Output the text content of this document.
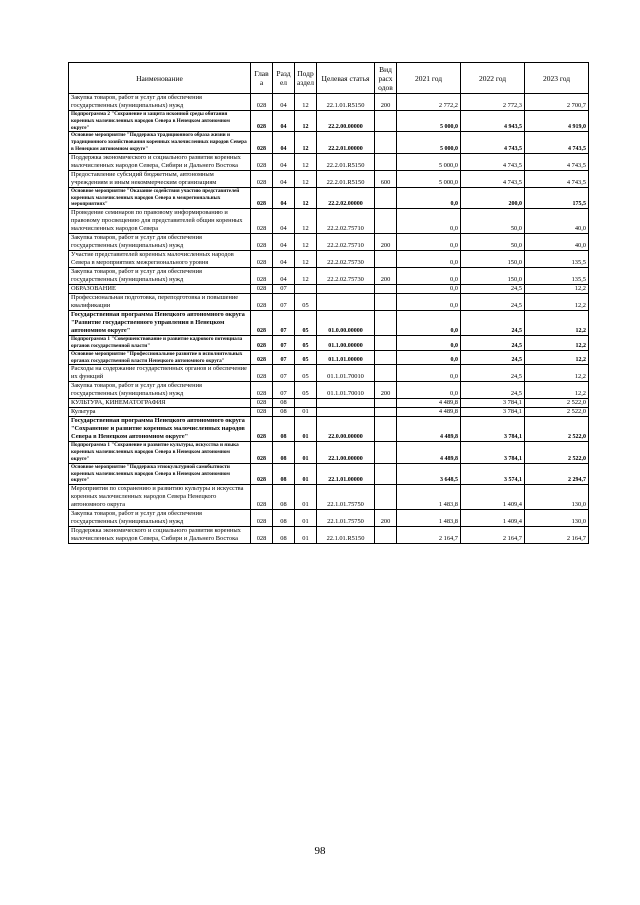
Наименование	Глав а	Разд ел	Подр аздел	Целевая статья	Вид расх одов	2021 год	2022 год	2023 год
Закупка товаров, работ и услуг для обеспечения государственных (муниципальных) нужд	028	04	12	22.1.01.R5150	200	2 772,2	2 772,3	2 700,7
Подпрограмма 2 "Сохранение и защита исконной среды обитания коренных малочисленных народов Севера в Ненецком автономном округе"	028	04	12	22.2.00.00000		5 000,0	4 943,5	4 919,0
Основное мероприятие "Поддержка традиционного образа жизни и традиционного хозяйствования коренных малочисленных народов Севера в Ненецком автономном округе"	028	04	12	22.2.01.00000		5 000,0	4 743,5	4 743,5
Поддержка экономического и социального развития коренных малочисленных народов Севера, Сибири и Дальнего Востока	028	04	12	22.2.01.R5150		5 000,0	4 743,5	4 743,5
Предоставление субсидий бюджетным, автономным учреждениям и иным некоммерческим организациям	028	04	12	22.2.01.R5150	600	5 000,0	4 743,5	4 743,5
Основное мероприятие "Оказание содействия участию представителей коренных малочисленных народов Севера в межрегиональных мероприятиях"	028	04	12	22.2.02.00000		0,0	200,0	175,5
Проведение семинаров по правовому информированию и правовому просвещению для представителей общин коренных малочисленных народов Севера	028	04	12	22.2.02.75710		0,0	50,0	40,0
Закупка товаров, работ и услуг для обеспечения государственных (муниципальных) нужд	028	04	12	22.2.02.75710	200	0,0	50,0	40,0
Участие представителей коренных малочисленных народов Севера в мероприятиях межрегионального уровня	028	04	12	22.2.02.75730		0,0	150,0	135,5
Закупка товаров, работ и услуг для обеспечения государственных (муниципальных) нужд	028	04	12	22.2.02.75730	200	0,0	150,0	135,5
ОБРАЗОВАНИЕ	028	07				0,0	24,5	12,2
Профессиональная подготовка, переподготовка и повышение квалификации	028	07	05			0,0	24,5	12,2
Государственная программа Ненецкого автономного округа "Развитие государственного управления в Ненецком автономном округе"	028	07	05	01.0.00.00000		0,0	24,5	12,2
Подпрограмма 1 "Совершенствование и развитие кадрового потенциала органов государственной власти"	028	07	05	01.1.00.00000		0,0	24,5	12,2
Основное мероприятие "Профессиональное развитие в исполнительных органах государственной власти Ненецкого автономного округа"	028	07	05	01.1.01.00000		0,0	24,5	12,2
Расходы на содержание государственных органов и обеспечение их функций	028	07	05	01.1.01.70010		0,0	24,5	12,2
Закупка товаров, работ и услуг для обеспечения государственных (муниципальных) нужд	028	07	05	01.1.01.70010	200	0,0	24,5	12,2
КУЛЬТУРА, КИНЕМАТОГРАФИЯ	028	08				4 489,8	3 784,1	2 522,0
Культура	028	08	01			4 489,8	3 784,1	2 522,0
Государственная программа Ненецкого автономного округа "Сохранение и развитие коренных малочисленных народов Севера в Ненецком автономном округе"	028	08	01	22.0.00.00000		4 489,8	3 784,1	2 522,0
Подпрограмма 1 "Сохранение и развитие культуры, искусства и языка коренных малочисленных народов Севера в Ненецком автономном округе"	028	08	01	22.1.00.00000		4 489,8	3 784,1	2 522,0
Основное мероприятие "Поддержка этнокультурной самобытности коренных малочисленных народов Севера в Ненецком автономном округе"	028	08	01	22.1.01.00000		3 648,5	3 574,1	2 294,7
Мероприятия по сохранению и развитию культуры и искусства коренных малочисленных народов Севера Ненецкого автономного округа	028	08	01	22.1.01.75750		1 483,8	1 409,4	130,0
Закупка товаров, работ и услуг для обеспечения государственных (муниципальных) нужд	028	08	01	22.1.01.75750	200	1 483,8	1 409,4	130,0
Поддержка экономического и социального развития коренных малочисленных народов Севера, Сибири и Дальнего Востока	028	08	01	22.1.01.R5150		2 164,7	2 164,7	2 164,7
98
